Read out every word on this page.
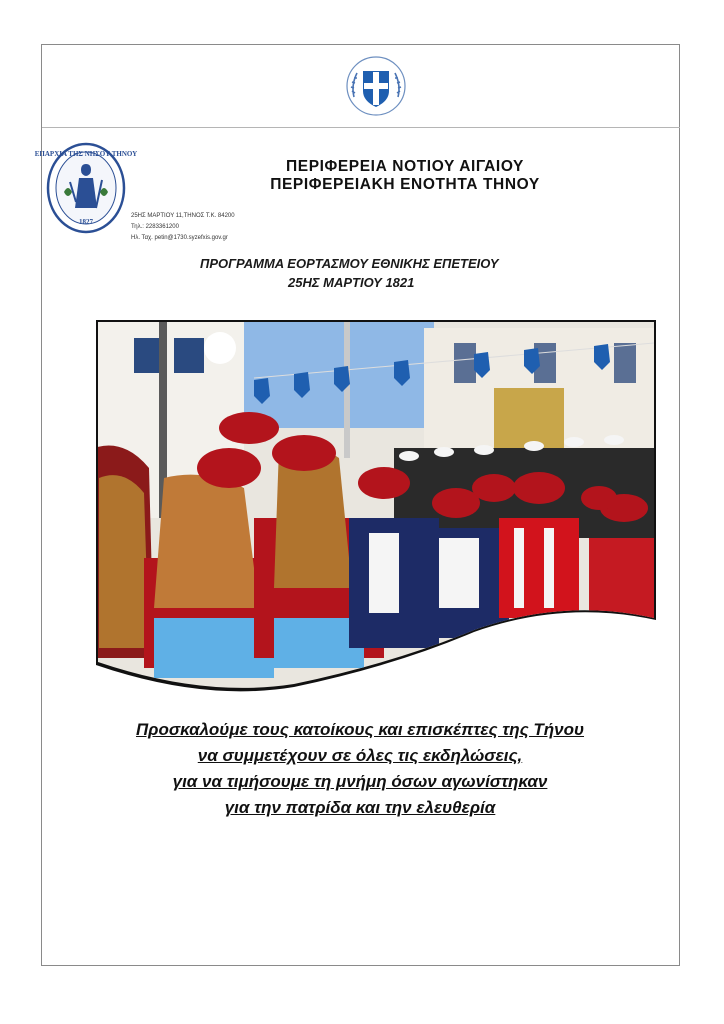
ΕΠΑΡΧΙΑ ΤΗΣ ΝΗΣΟΥ ΤΗΝΟΥ
1827
ΠΕΡΙΦΕΡΕΙΑ ΝΟΤΙΟΥ ΑΙΓΑΙΟΥ
ΠΕΡΙΦΕΡΕΙΑΚΗ ΕΝΟΤΗΤΑ ΤΗΝΟΥ
25ΗΣ ΜΑΡΤΙΟΥ 11,ΤΗΝΟΣ Τ.Κ. 84200
Τηλ.: 2283361200
Ηλ. Ταχ. petin@1730.syzefxis.gov.gr
ΠΡΟΓΡΑΜΜΑ ΕΟΡΤΑΣΜΟΥ ΕΘΝΙΚΗΣ ΕΠΕΤΕΙΟΥ
25ΗΣ ΜΑΡΤΙΟΥ 1821
Προσκαλούμε τους κατοίκους και επισκέπτες της Τήνου
να συμμετέχουν σε όλες τις εκδηλώσεις,
για να τιμήσουμε τη μνήμη όσων αγωνίστηκαν
για την πατρίδα και την ελευθερία
